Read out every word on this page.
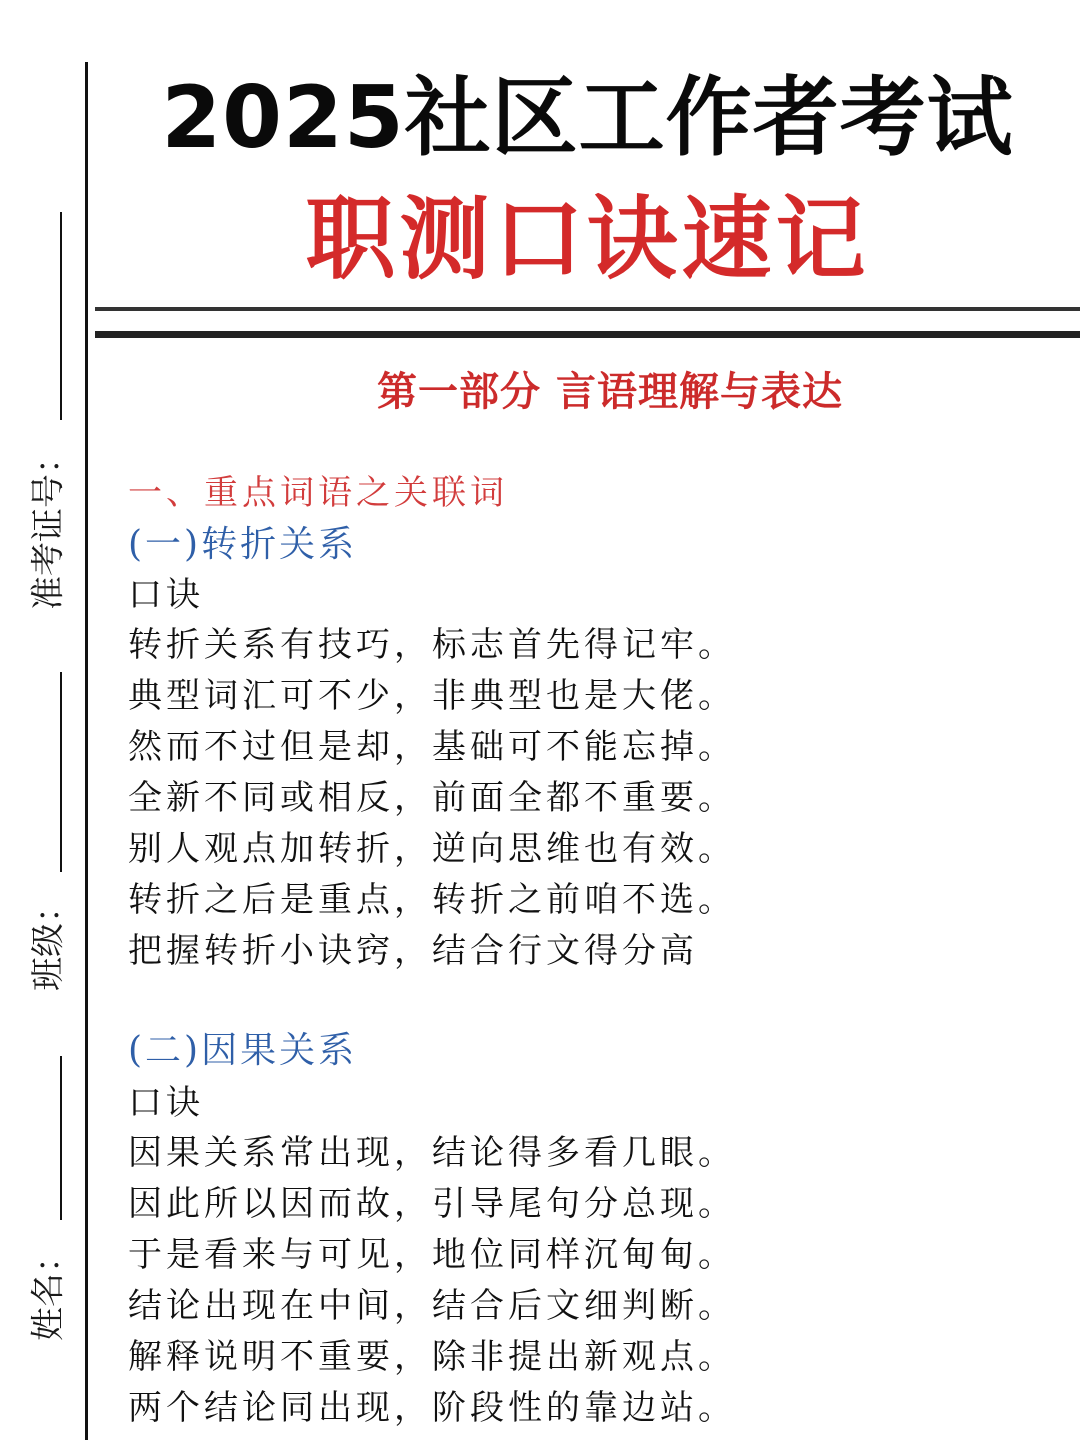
准考证号：
班级：
姓名：
2025社区工作者考试
职测口诀速记
第一部分 言语理解与表达
一、重点词语之关联词
(一)转折关系
口诀
转折关系有技巧，标志首先得记牢。
典型词汇可不少，非典型也是大佬。
然而不过但是却，基础可不能忘掉。
全新不同或相反，前面全都不重要。
别人观点加转折，逆向思维也有效。
转折之后是重点，转折之前咱不选。
把握转折小诀窍，结合行文得分高
(二)因果关系
口诀
因果关系常出现，结论得多看几眼。
因此所以因而故，引导尾句分总现。
于是看来与可见，地位同样沉甸甸。
结论出现在中间，结合后文细判断。
解释说明不重要，除非提出新观点。
两个结论同出现，阶段性的靠边站。
